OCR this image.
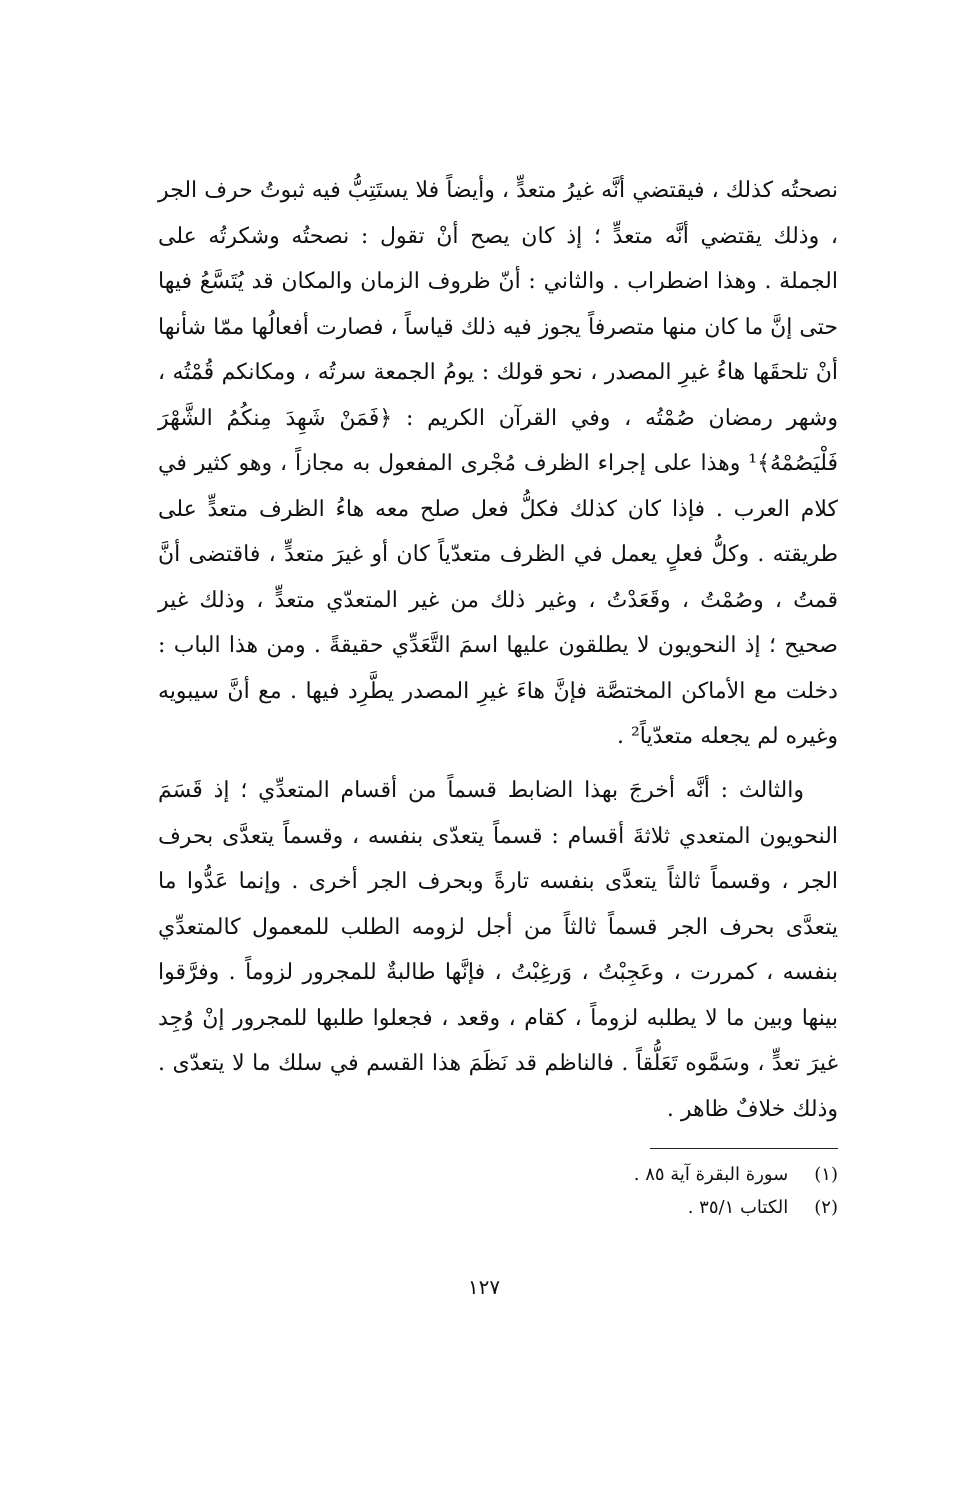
نصحتُه كذلك ، فيقتضي أنَّه غيرُ متعدٍّ ، وأيضاً فلا يستَتِبُّ فيه ثبوتُ حرف الجر ، وذلك يقتضي أنَّه متعدٍّ ؛ إذ كان يصح أنْ تقول : نصحتُه وشكرتُه على الجملة . وهذا اضطراب . والثاني : أنّ ظروف الزمان والمكان قد يُتَسَّعُ فيها حتى إنَّ ما كان منها متصرفاً يجوز فيه ذلك قياساً ، فصارت أفعالُها ممّا شأنها أنْ تلحقَها هاءُ غيرِ المصدر ، نحو قولك : يومُ الجمعة سرتُه ، ومكانكم قُمْتُه ، وشهر رمضان صُمْتُه ، وفي القرآن الكريم : ﴿فَمَنْ شَهِدَ مِنكُمُ الشَّهْرَ فَلْيَصُمْهُ﴾¹ وهذا على إجراء الظرف مُجْرى المفعول به مجازاً ، وهو كثير في كلام العرب . فإذا كان كذلك فكلُّ فعل صلح معه هاءُ الظرف متعدٍّ على طريقته . وكلُّ فعلٍ يعمل في الظرف متعدّياً كان أو غيرَ متعدٍّ ، فاقتضى أنَّ قمتُ ، وصُمْتُ ، وقَعَدْتُ ، وغير ذلك من غير المتعدّي متعدٍّ ، وذلك غير صحيح ؛ إذ النحويون لا يطلقون عليها اسمَ التَّعَدِّي حقيقةً . ومن هذا الباب : دخلت مع الأماكن المختصَّة فإنَّ هاءَ غيرِ المصدر يطَّرِد فيها . مع أنَّ سيبويه وغيره لم يجعله متعدّياً² .
والثالث : أنَّه أخرجَ بهذا الضابط قسماً من أقسام المتعدِّي ؛ إذ قَسَمَ النحويون المتعدي ثلاثةَ أقسام : قسماً يتعدّى بنفسه ، وقسماً يتعدَّى بحرف الجر ، وقسماً ثالثاً يتعدَّى بنفسه تارةً وبحرف الجر أخرى . وإنما عَدُّوا ما يتعدَّى بحرف الجر قسماً ثالثاً من أجل لزومه الطلب للمعمول كالمتعدِّي بنفسه ، كمررت ، وعَجِبْتُ ، وَرغِبْتُ ، فإنَّها طالبةٌ للمجرور لزوماً . وفرَّقوا بينها وبين ما لا يطلبه لزوماً ، كقام ، وقعد ، فجعلوا طلبها للمجرور إنْ وُجِد غيرَ تعدٍّ ، وسَمَّوه تَعَلُّقاً . فالناظم قد نَظَمَ هذا القسم في سلك ما لا يتعدّى . وذلك خلافٌ ظاهر .
(١) سورة البقرة آية ٨٥ .
(٢) الكتاب ٣٥/١ .
١٢٧
